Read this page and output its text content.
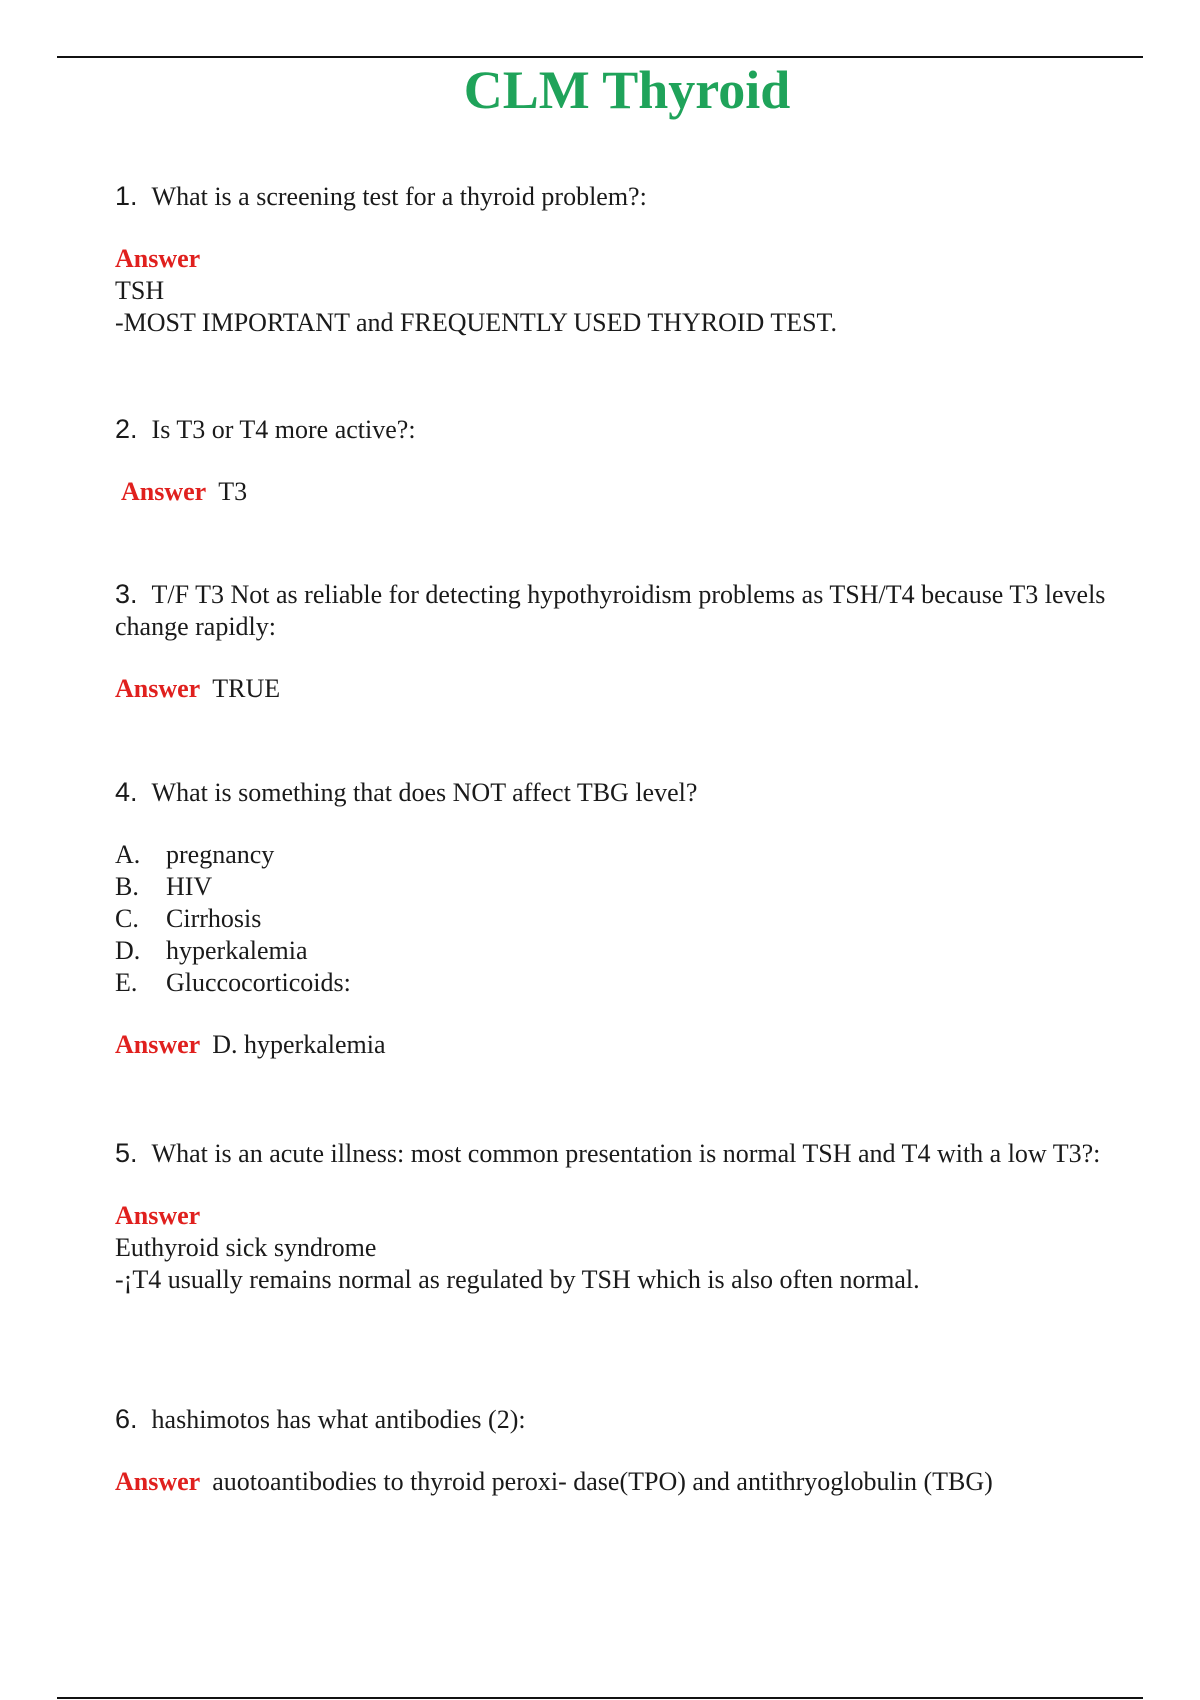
CLM Thyroid
1. What is a screening test for a thyroid problem?:
Answer
TSH
-MOST IMPORTANT and FREQUENTLY USED THYROID TEST.
2. Is T3 or T4 more active?:
Answer T3
3. T/F T3 Not as reliable for detecting hypothyroidism problems as TSH/T4 because T3 levels change rapidly:
Answer TRUE
4. What is something that does NOT affect TBG level?
A. pregnancy
B.	HIV
C.	Cirrhosis
D. hyperkalemia
E.	Gluccocorticoids:
Answer D. hyperkalemia
5. What is an acute illness: most common presentation is normal TSH and T4 with a low T3?:
Answer
Euthyroid sick syndrome
-¡T4 usually remains normal as regulated by TSH which is also often normal.
6. hashimotos has what antibodies (2):
Answer auotoantibodies to thyroid peroxi- dase(TPO) and antithryoglobulin (TBG)
